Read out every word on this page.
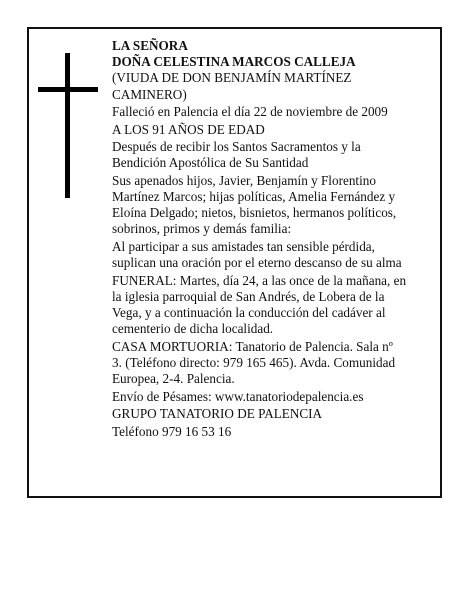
LA SEÑORA
DOÑA CELESTINA MARCOS CALLEJA
(VIUDA DE DON BENJAMÍN MARTÍNEZ
CAMINERO)
Falleció en Palencia el día 22 de noviembre de 2009
A LOS 91 AÑOS DE EDAD
Después de recibir los Santos Sacramentos y la
Bendición Apostólica de Su Santidad
Sus apenados hijos, Javier, Benjamín y Florentino
Martínez Marcos; hijas políticas, Amelia Fernández y
Eloína Delgado; nietos, bisnietos, hermanos políticos,
sobrinos, primos y demás familia:
Al participar a sus amistades tan sensible pérdida,
suplican una oración por el eterno descanso de su alma
FUNERAL: Martes, día 24, a las once de la mañana, en
la iglesia parroquial de San Andrés, de Lobera de la
Vega, y a continuación la conducción del cadáver al
cementerio de dicha localidad.
CASA MORTUORIA: Tanatorio de Palencia. Sala nº
3. (Teléfono directo: 979 165 465). Avda. Comunidad
Europea, 2-4. Palencia.
Envío de Pésames: www.tanatoriodepalencia.es
GRUPO TANATORIO DE PALENCIA
Teléfono 979 16 53 16
